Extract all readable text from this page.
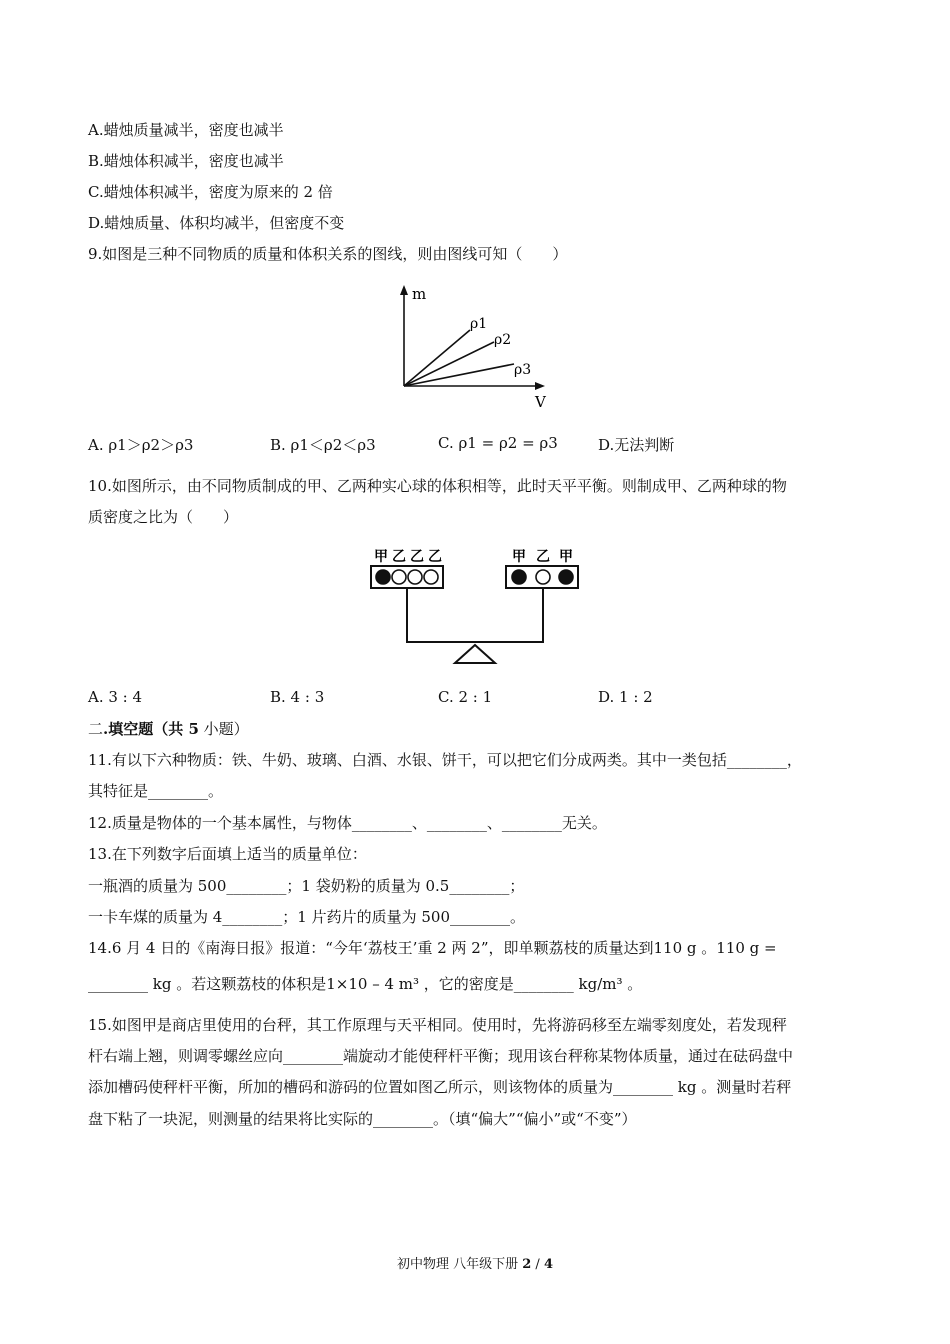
A.蜡烛质量减半，密度也减半
B.蜡烛体积减半，密度也减半
C.蜡烛体积减半，密度为原来的 2 倍
D.蜡烛质量、体积均减半，但密度不变
9.如图是三种不同物质的质量和体积关系的图线，则由图线可知（　　）
m
V
ρ1
ρ2
ρ3
A. ρ1＞ρ2＞ρ3	B. ρ1＜ρ2＜ρ3	C. ρ1 = ρ2 = ρ3	D.无法判断
10.如图所示，由不同物质制成的甲、乙两种实心球的体积相等，此时天平平衡。则制成甲、乙两种球的物
质密度之比为（　　）
甲 乙 乙 乙	甲 乙 甲
A. 3 : 4	B. 4 : 3	C. 2 : 1	D. 1 : 2
二.填空题（共 5 小题）
11.有以下六种物质：铁、牛奶、玻璃、白酒、水银、饼干，可以把它们分成两类。其中一类包括________，
其特征是________。
12.质量是物体的一个基本属性，与物体________、________、________无关。
13.在下列数字后面填上适当的质量单位：
一瓶酒的质量为 500________；1 袋奶粉的质量为 0.5________；
一卡车煤的质量为 4________；1 片药片的质量为 500________。
14.6 月 4 日的《南海日报》报道：“今年‘荔枝王’重 2 两 2”，即单颗荔枝的质量达到110 g 。110 g =
________ kg 。若这颗荔枝的体积是1×10 – 4 m³ ，它的密度是________ kg/m³ 。
15.如图甲是商店里使用的台秤，其工作原理与天平相同。使用时，先将游码移至左端零刻度处，若发现秤
杆右端上翘，则调零螺丝应向________端旋动才能使秤杆平衡；现用该台秤称某物体质量，通过在砝码盘中
添加槽码使秤杆平衡，所加的槽码和游码的位置如图乙所示，则该物体的质量为________ kg 。测量时若秤
盘下粘了一块泥，则测量的结果将比实际的________。（填“偏大”“偏小”或“不变”）
初中物理 八年级下册 2 / 4
